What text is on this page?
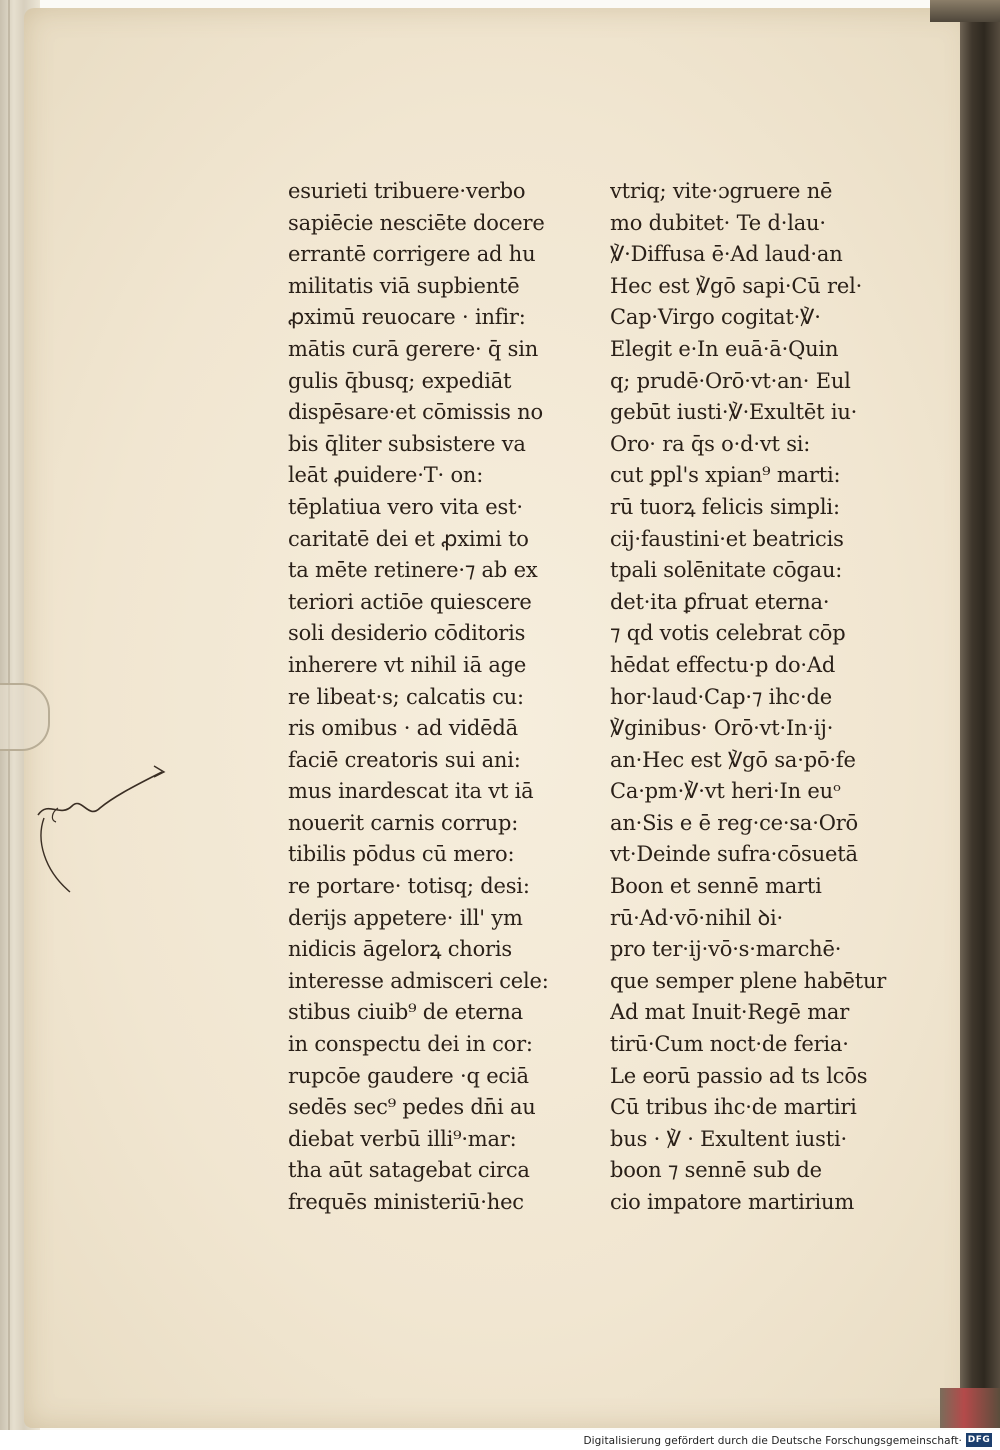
esurieti tribuere·verbo
sapiēcie nesciēte docere
errantē corrigere ad hu
militatis viā supbientē
ꝓximū reuocare · infir:
mātis curā gerere· q̄ sin
gulis q̄busq; expediāt
dispēsare·et cōmissis no
bis q̄liter subsistere va
leāt ꝓuidere·T· on:
tēplatiua vero vita est·
caritatē dei et ꝓximi to
ta mēte retinere·⁊ ab ex
teriori actiōe quiescere
soli desiderio cōditoris
inherere vt nihil iā age
re libeat·s; calcatis cu:
ris omibus · ad vidēdā
faciē creatoris sui ani:
mus inardescat ita vt iā
nouerit carnis corrup:
tibilis pōdus cū mero:
re portare· totisq; desi:
derijs appetere· ill' ym
nidicis āgelorꝝ choris
interesse admisceri cele:
stibus ciuib⁹ de eterna
in conspectu dei in cor:
rupcōe gaudere ·q eciā
sedēs sec⁹ pedes dn̄i au
diebat verbū illi⁹·mar:
tha aūt satagebat circa
frequēs ministeriū·hec
vtriq; vite·ɔgruere nē
mo dubitet· Te d·lau·
℣·Diffusa ē·Ad laud·an
Hec est ℣gō sapi·Cū rel·
Cap·Virgo cogitat·℣·
Elegit e·In euā·ā·Quin
q; prudē·Orō·vt·an· Eul
gebūt iusti·℣·Exultēt iu·
Oro· ra q̄s o·d·vt si:
cut ꝑpl's xpian⁹ marti:
rū tuorꝝ felicis simpli:
cij·faustini·et beatricis
tpali solēnitate cōgau:
det·ita ꝑfruat eterna·
⁊ qd votis celebrat cōp
hēdat effectu·p do·Ad
hor·laud·Cap·⁊ ihc·de
℣ginibus· Orō·vt·In·ij·
an·Hec est ℣gō sa·pō·fe
Ca·pm·℣·vt heri·In euᵒ
an·Sis e ē reg·ce·sa·Orō
vt·Deinde sufra·cōsuetā
Boon et sennē marti
rū·Ad·vō·nihil ꝺi·
pro ter·ij·vō·s·marchē·
que semper plene habētur
Ad mat Inuit·Regē mar
tirū·Cum noct·de feria·
Le eorū passio ad ts lcōs
Cū tribus ihc·de martiri
bus · ℣ · Exultent iusti·
boon ⁊ sennē sub de
cio impatore martirium
Digitalisierung gefördert durch die Deutsche Forschungsgemeinschaft· DFG
